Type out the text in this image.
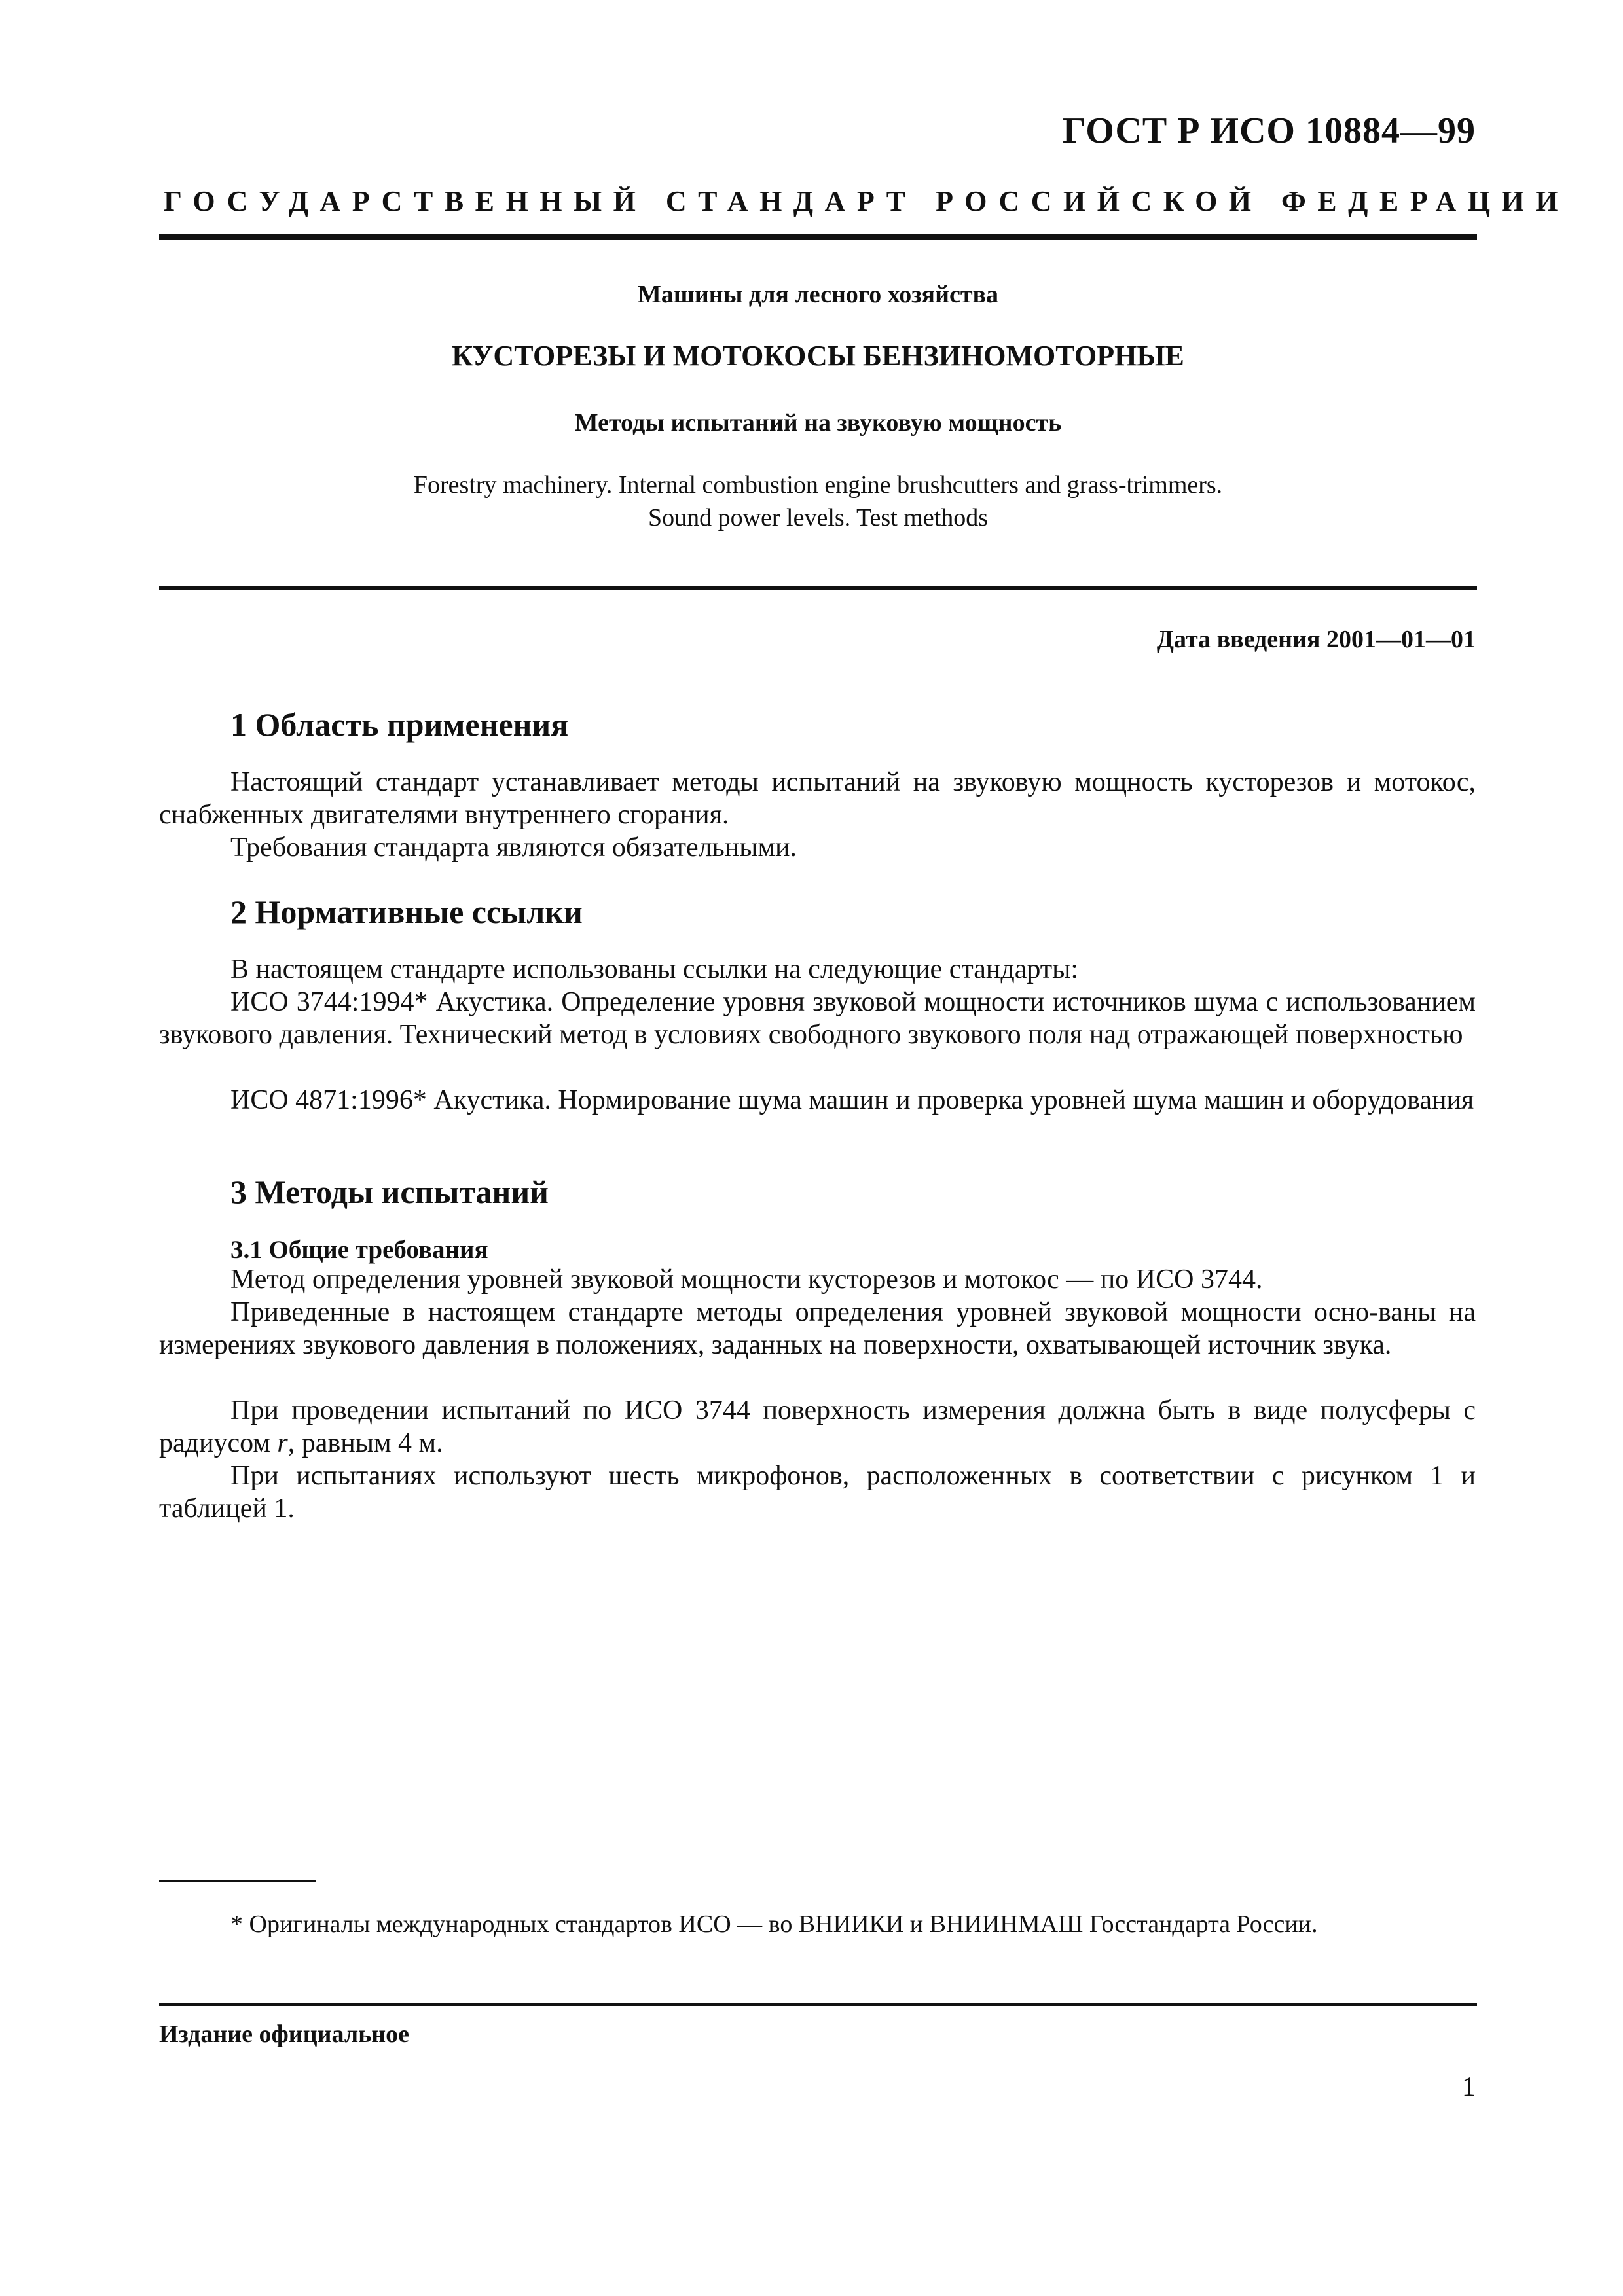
ГОСТ Р ИСО 10884—99
ГОСУДАРСТВЕННЫЙ СТАНДАРТ РОССИЙСКОЙ ФЕДЕРАЦИИ
Машины для лесного хозяйства
КУСТОРЕЗЫ И МОТОКОСЫ БЕНЗИНОМОТОРНЫЕ
Методы испытаний на звуковую мощность
Forestry machinery. Internal combustion engine brushcutters and grass-trimmers.
Sound power levels. Test methods
Дата введения 2001—01—01
1 Область применения
Настоящий стандарт устанавливает методы испытаний на звуковую мощность кусторезов и мотокос, снабженных двигателями внутреннего сгорания.
Требования стандарта являются обязательными.
2 Нормативные ссылки
В настоящем стандарте использованы ссылки на следующие стандарты:
ИСО 3744:1994* Акустика. Определение уровня звуковой мощности источников шума с использованием звукового давления. Технический метод в условиях свободного звукового поля над отражающей поверхностью
ИСО 4871:1996* Акустика. Нормирование шума машин и проверка уровней шума машин и оборудования
3 Методы испытаний
3.1 Общие требования
Метод определения уровней звуковой мощности кусторезов и мотокос — по ИСО 3744.
Приведенные в настоящем стандарте методы определения уровней звуковой мощности осно-ваны на измерениях звукового давления в положениях, заданных на поверхности, охватывающей источник звука.
При проведении испытаний по ИСО 3744 поверхность измерения должна быть в виде полусферы с радиусом r, равным 4 м.
При испытаниях используют шесть микрофонов, расположенных в соответствии с рисунком 1 и таблицей 1.
* Оригиналы международных стандартов ИСО — во ВНИИКИ и ВНИИНМАШ Госстандарта России.
Издание официальное
1
